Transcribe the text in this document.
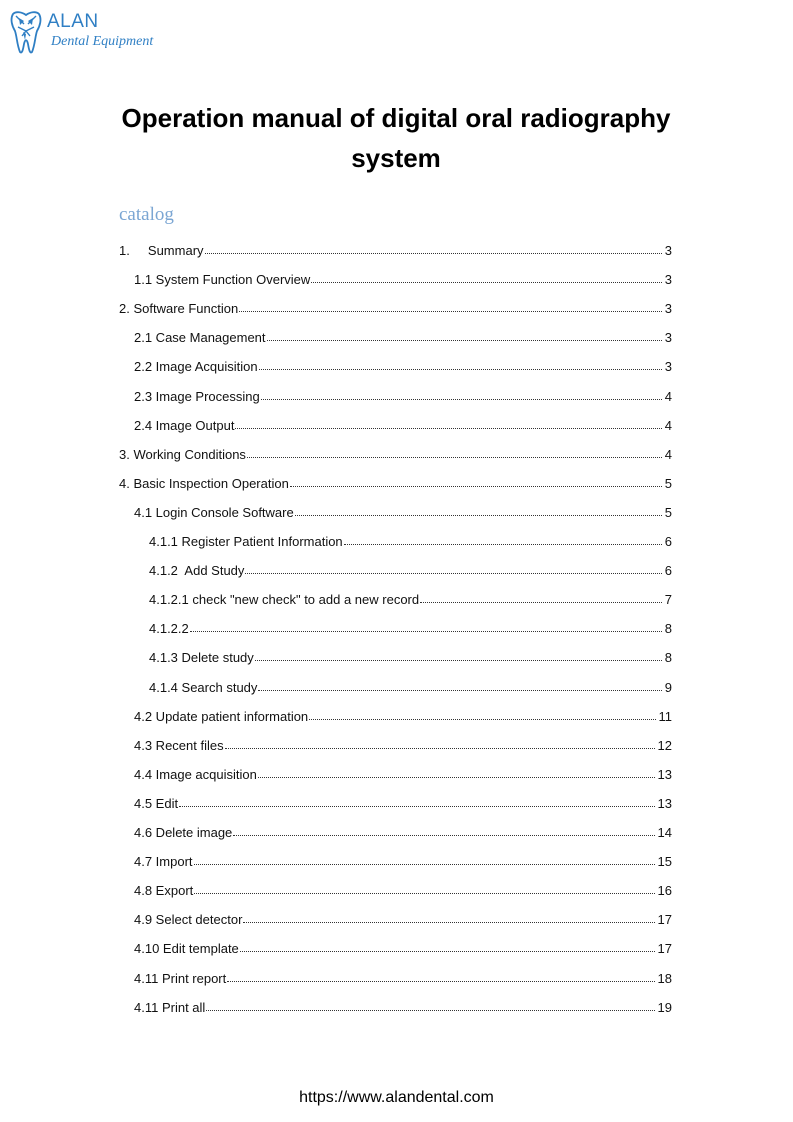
ALAN
Dental Equipment
Operation manual of digital oral radiography system
catalog
1.     Summary	3
1.1 System Function Overview	3
2. Software Function	3
2.1 Case Management	3
2.2 Image Acquisition	3
2.3 Image Processing	4
2.4 Image Output	4
3. Working Conditions	4
4. Basic Inspection Operation	5
4.1 Login Console Software	5
4.1.1 Register Patient Information	6
4.1.2  Add Study	6
4.1.2.1 check "new check" to add a new record	7
4.1.2.2	8
4.1.3 Delete study	8
4.1.4 Search study	9
4.2 Update patient information	11
4.3 Recent files	12
4.4 Image acquisition	13
4.5 Edit	13
4.6 Delete image	14
4.7 Import	15
4.8 Export	16
4.9 Select detector	17
4.10 Edit template	17
4.11 Print report	18
4.11 Print all	19
https://www.alandental.com
